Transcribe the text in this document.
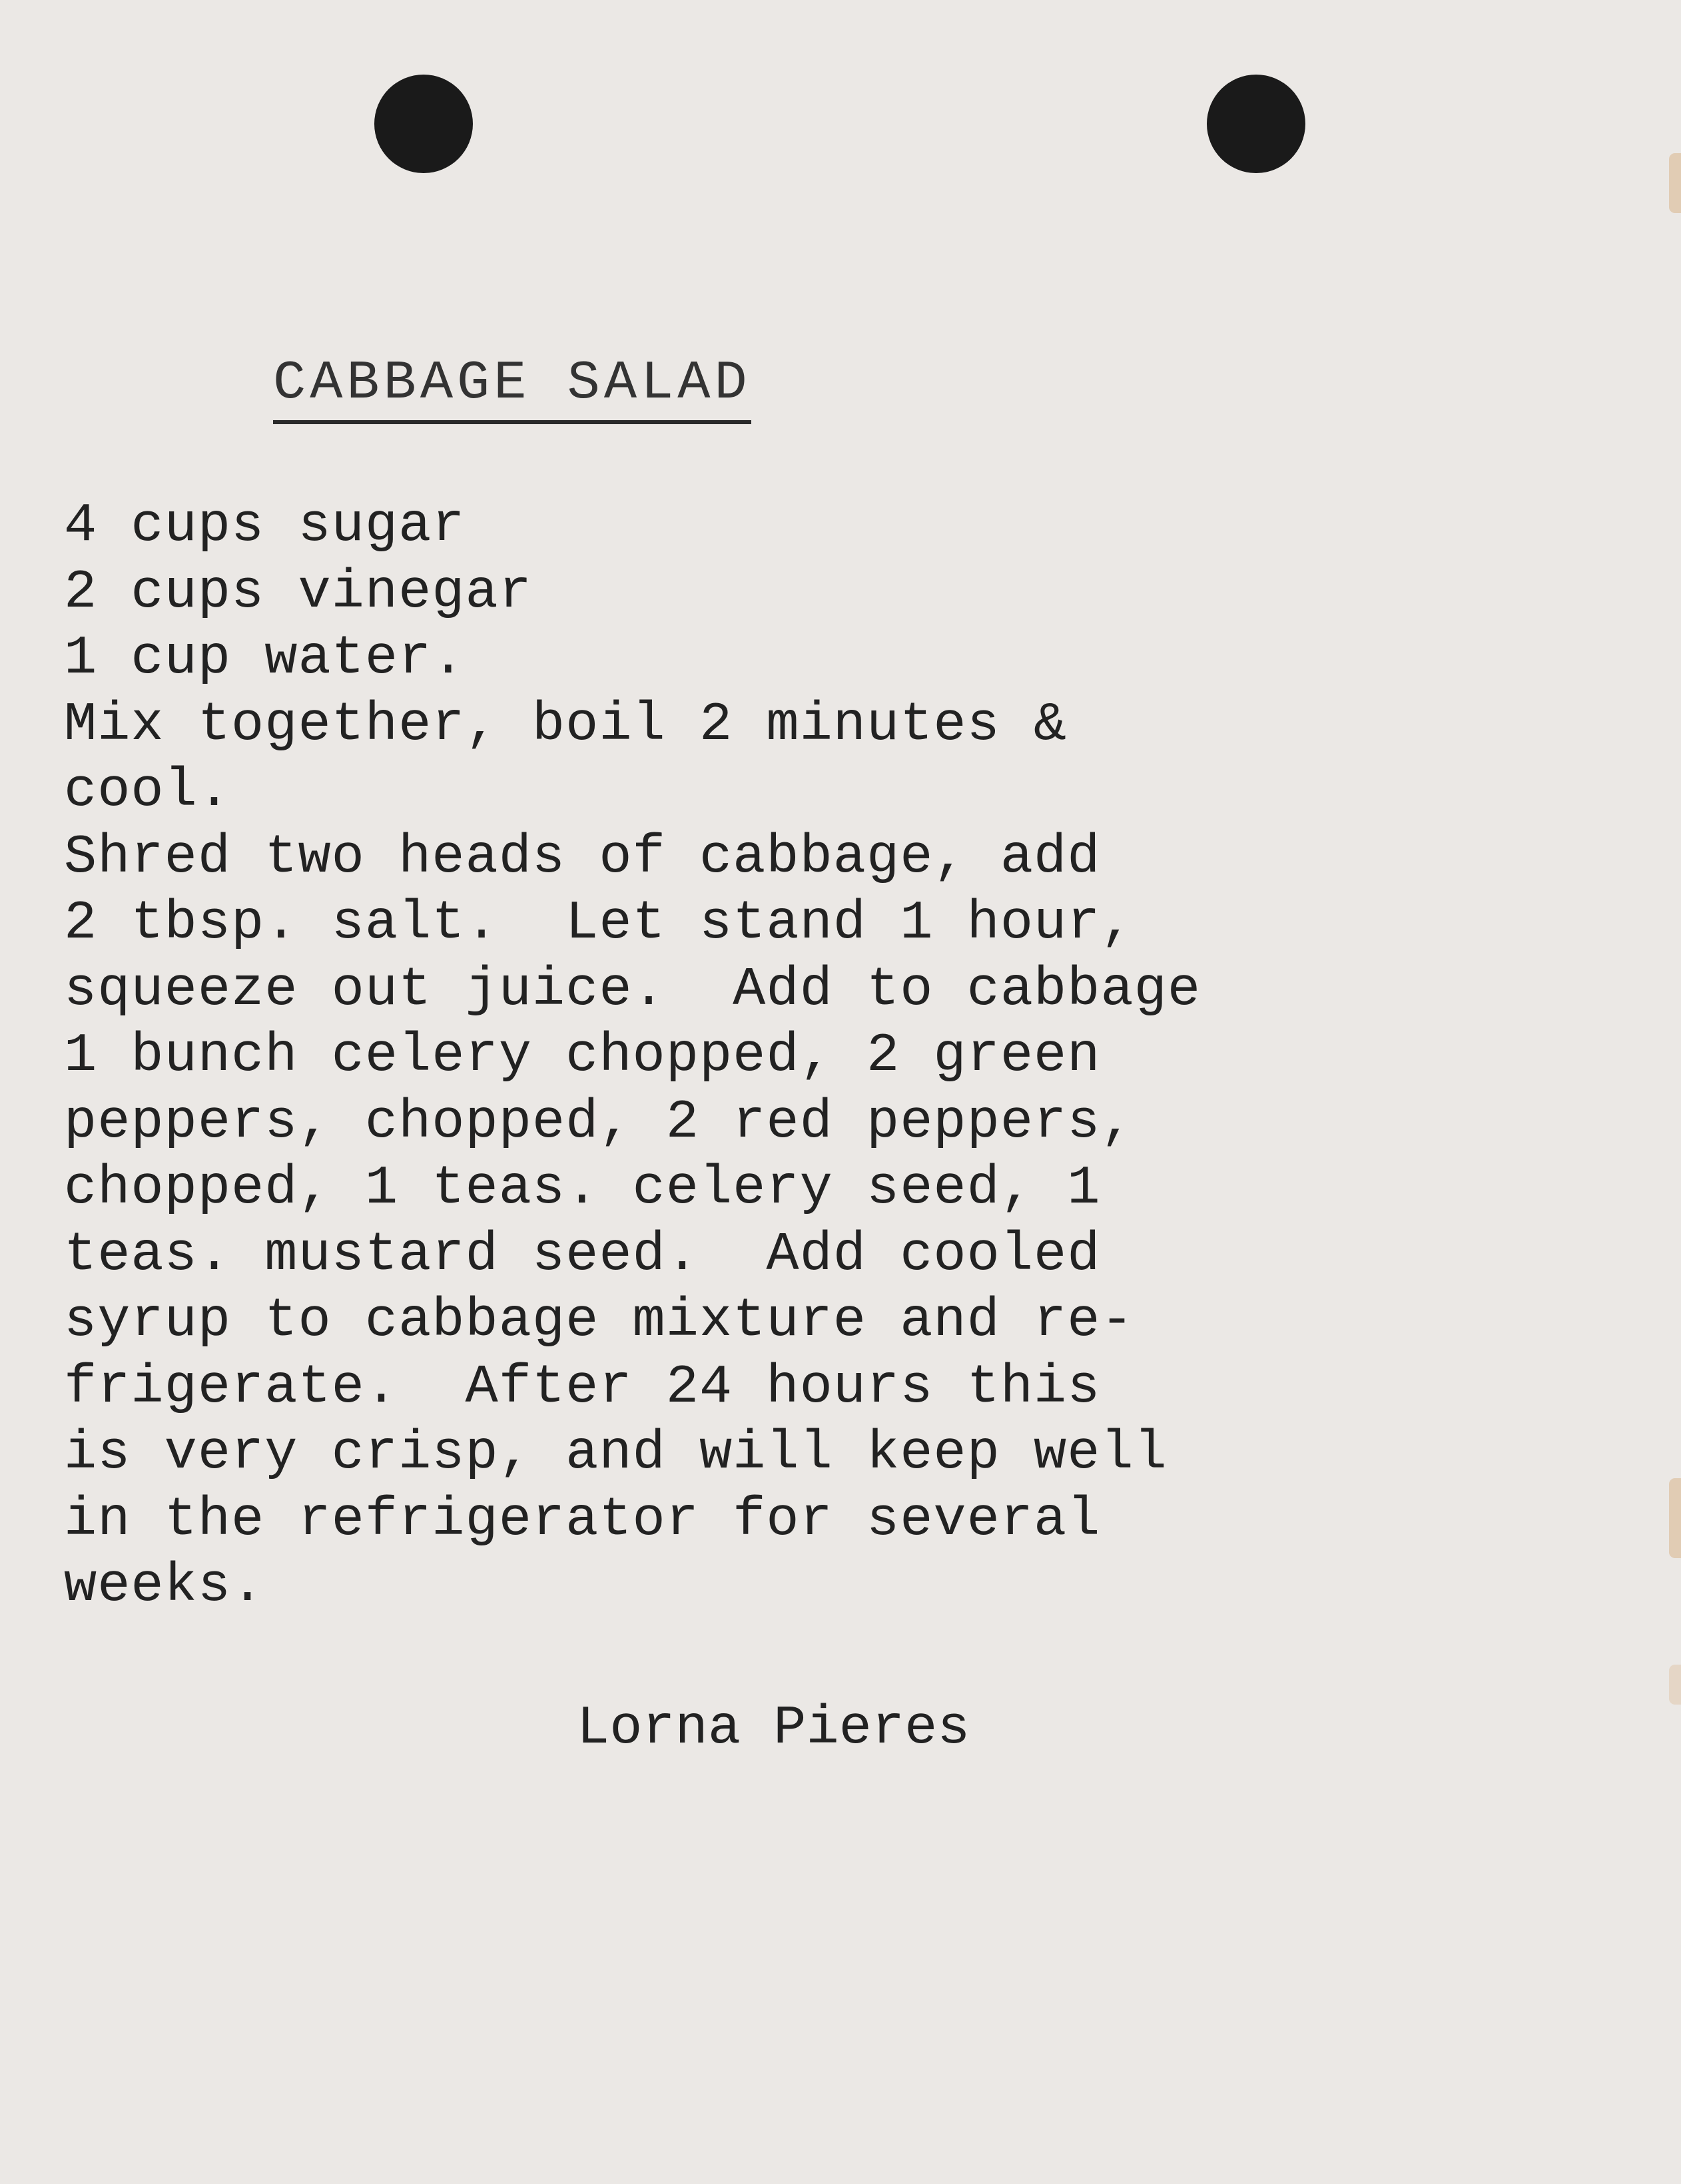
CABBAGE SALAD
4 cups sugar
2 cups vinegar
1 cup water.
Mix together, boil 2 minutes &
cool.
Shred two heads of cabbage, add
2 tbsp. salt.  Let stand 1 hour,
squeeze out juice.  Add to cabbage
1 bunch celery chopped, 2 green
peppers, chopped, 2 red peppers,
chopped, 1 teas. celery seed, 1
teas. mustard seed.  Add cooled
syrup to cabbage mixture and re-
frigerate.  After 24 hours this
is very crisp, and will keep well
in the refrigerator for several
weeks.
Lorna Pieres
